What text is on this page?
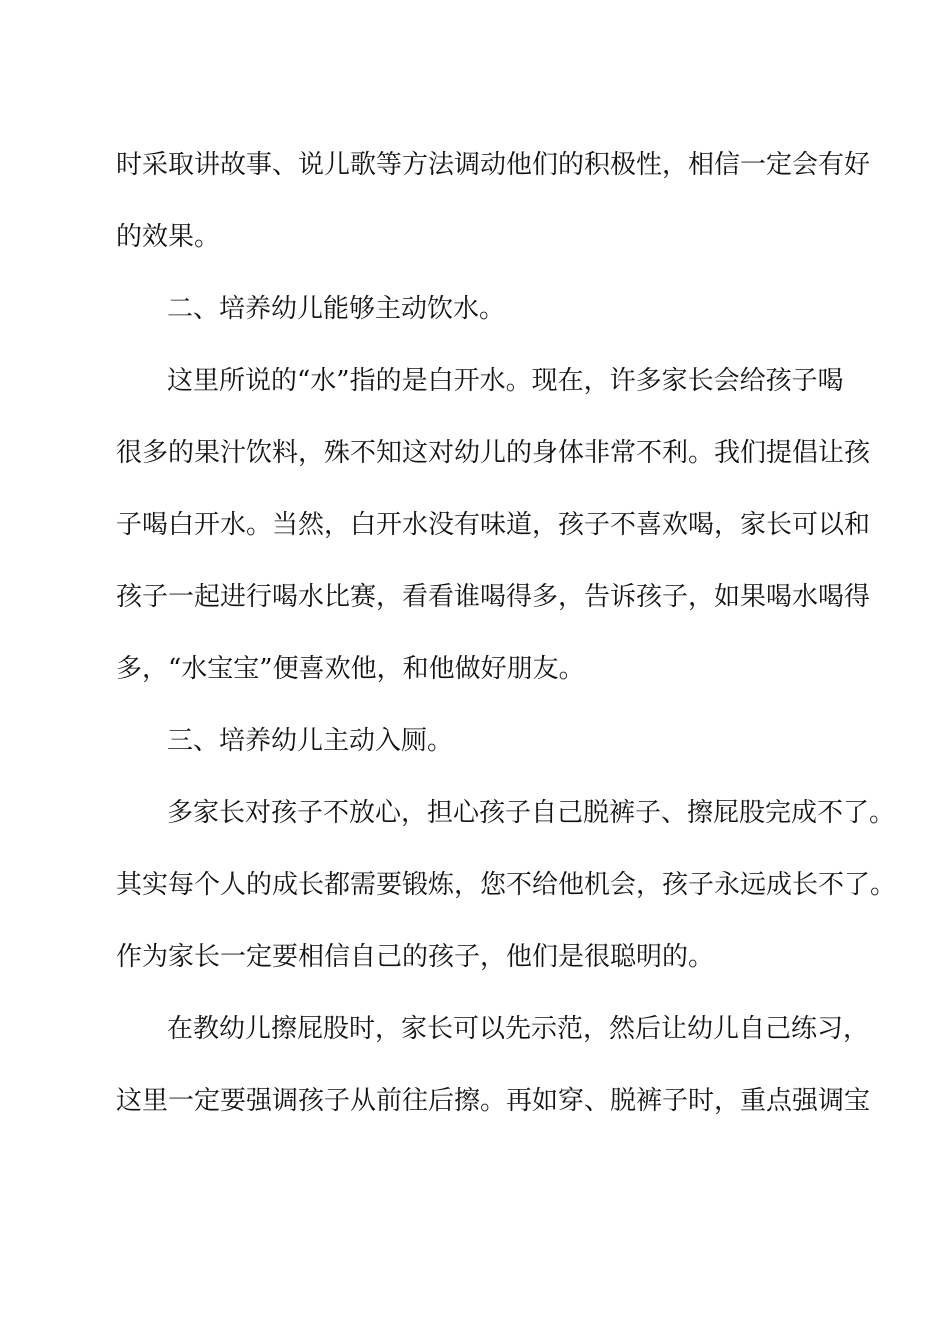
时采取讲故事、说儿歌等方法调动他们的积极性，相信一定会有好
的效果。
二、培养幼儿能够主动饮水。
这里所说的“水”指的是白开水。现在，许多家长会给孩子喝
很多的果汁饮料，殊不知这对幼儿的身体非常不利。我们提倡让孩
子喝白开水。当然，白开水没有味道，孩子不喜欢喝，家长可以和
孩子一起进行喝水比赛，看看谁喝得多，告诉孩子，如果喝水喝得
多，“水宝宝”便喜欢他，和他做好朋友。
三、培养幼儿主动入厕。
多家长对孩子不放心，担心孩子自己脱裤子、擦屁股完成不了。
其实每个人的成长都需要锻炼，您不给他机会，孩子永远成长不了。
作为家长一定要相信自己的孩子，他们是很聪明的。
在教幼儿擦屁股时，家长可以先示范，然后让幼儿自己练习，
这里一定要强调孩子从前往后擦。再如穿、脱裤子时，重点强调宝
